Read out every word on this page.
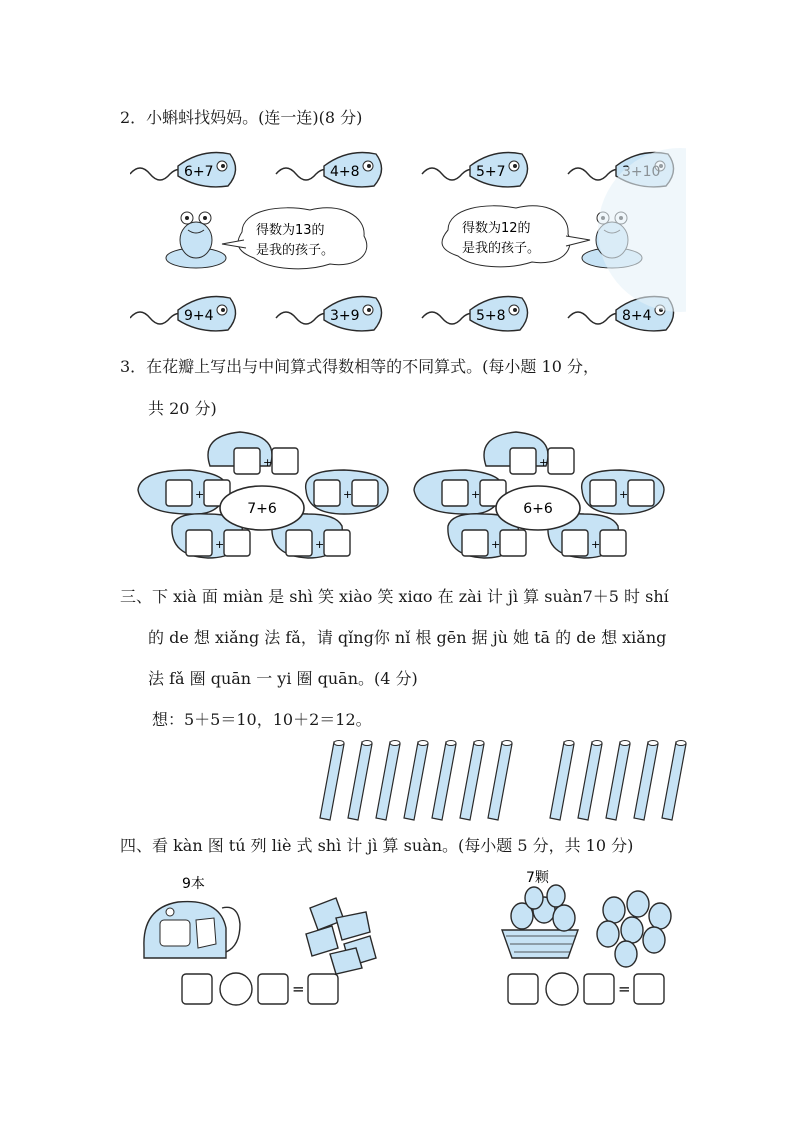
2．小蝌蚪找妈妈。(连一连)(8 分)
6+7	4+8	5+7
9+4	3+9	5+8	8+4
得数为13的
是我的孩子。
得数为12的
是我的孩子。
3．在花瓣上写出与中间算式得数相等的不同算式。(每小题 10 分，
共 20 分)
+
+	+
+	+
7+6
+
+	+
+	+
6+6
三、下 xià 面 miàn 是 shì 笑 xiào 笑 xiɑo 在 zài 计 jì 算 suàn7＋5 时 shí
的 de 想 xiǎng 法 fǎ，请 qǐng你 nǐ 根 gēn 据 jù 她 tā 的 de 想 xiǎng
法 fǎ 圈 quān 一 yi 圈 quān。(4 分)
想：5＋5＝10，10＋2＝12。
四、看 kàn 图 tú 列 liè 式 shì 计 jì 算 suàn。(每小题 5 分，共 10 分)
9本
=
7颗
=
